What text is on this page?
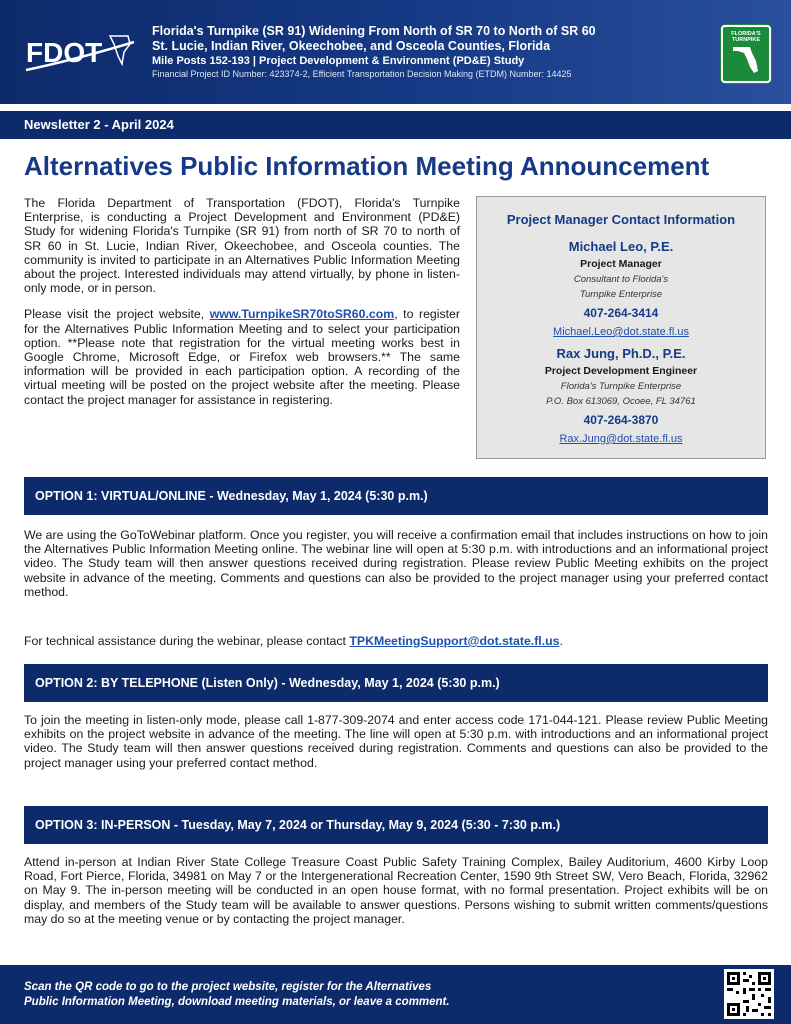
FDOT
Florida's Turnpike (SR 91) Widening From North of SR 70 to North of SR 60
St. Lucie, Indian River, Okeechobee, and Osceola Counties, Florida
Mile Posts 152-193 | Project Development & Environment (PD&E) Study
Financial Project ID Number: 423374-2, Efficient Transportation Decision Making (ETDM) Number: 14425
FLORIDA'S TURNPIKE
Newsletter 2 - April 2024
Alternatives Public Information Meeting Announcement

The Florida Department of Transportation (FDOT), Florida's Turnpike Enterprise, is conducting a Project Development and Environment (PD&E) Study for widening Florida's Turnpike (SR 91) from north of SR 70 to north of SR 60 in St. Lucie, Indian River, Okeechobee, and Osceola counties. The community is invited to participate in an Alternatives Public Information Meeting about the project. Interested individuals may attend virtually, by phone in listen-only mode, or in person.

Please visit the project website, www.TurnpikeSR70toSR60.com, to register for the Alternatives Public Information Meeting and to select your participation option. **Please note that registration for the virtual meeting works best in Google Chrome, Microsoft Edge, or Firefox web browsers.** The same information will be provided in each participation option. A recording of the virtual meeting will be posted on the project website after the meeting. Please contact the project manager for assistance in registering.

Project Manager Contact Information
Michael Leo, P.E.
Project Manager
Consultant to Florida's
Turnpike Enterprise
407-264-3414
Michael.Leo@dot.state.fl.us
Rax Jung, Ph.D., P.E.
Project Development Engineer
Florida's Turnpike Enterprise
P.O. Box 613069, Ocoee, FL 34761
407-264-3870
Rax.Jung@dot.state.fl.us
OPTION 1: VIRTUAL/ONLINE - Wednesday, May 1, 2024 (5:30 p.m.)

We are using the GoToWebinar platform. Once you register, you will receive a confirmation email that includes instructions on how to join the Alternatives Public Information Meeting online. The webinar line will open at 5:30 p.m. with introductions and an informational project video. The Study team will then answer questions received during registration. Please review Public Meeting exhibits on the project website in advance of the meeting. Comments and questions can also be provided to the project manager using your preferred contact method.

For technical assistance during the webinar, please contact TPKMeetingSupport@dot.state.fl.us.

OPTION 2: BY TELEPHONE (Listen Only) - Wednesday, May 1, 2024 (5:30 p.m.)

To join the meeting in listen-only mode, please call 1-877-309-2074 and enter access code 171-044-121. Please review Public Meeting exhibits on the project website in advance of the meeting. The line will open at 5:30 p.m. with introductions and an informational project video. The Study team will then answer questions received during registration. Comments and questions can also be provided to the project manager using your preferred contact method.

OPTION 3: IN-PERSON - Tuesday, May 7, 2024 or Thursday, May 9, 2024 (5:30 - 7:30 p.m.)

Attend in-person at Indian River State College Treasure Coast Public Safety Training Complex, Bailey Auditorium, 4600 Kirby Loop Road, Fort Pierce, Florida, 34981 on May 7 or the Intergenerational Recreation Center, 1590 9th Street SW, Vero Beach, Florida, 32962 on May 9. The in-person meeting will be conducted in an open house format, with no formal presentation. Project exhibits will be on display, and members of the Study team will be available to answer questions. Persons wishing to submit written comments/questions may do so at the meeting venue or by contacting the project manager.

Scan the QR code to go to the project website, register for the Alternatives
Public Information Meeting, download meeting materials, or leave a comment.
